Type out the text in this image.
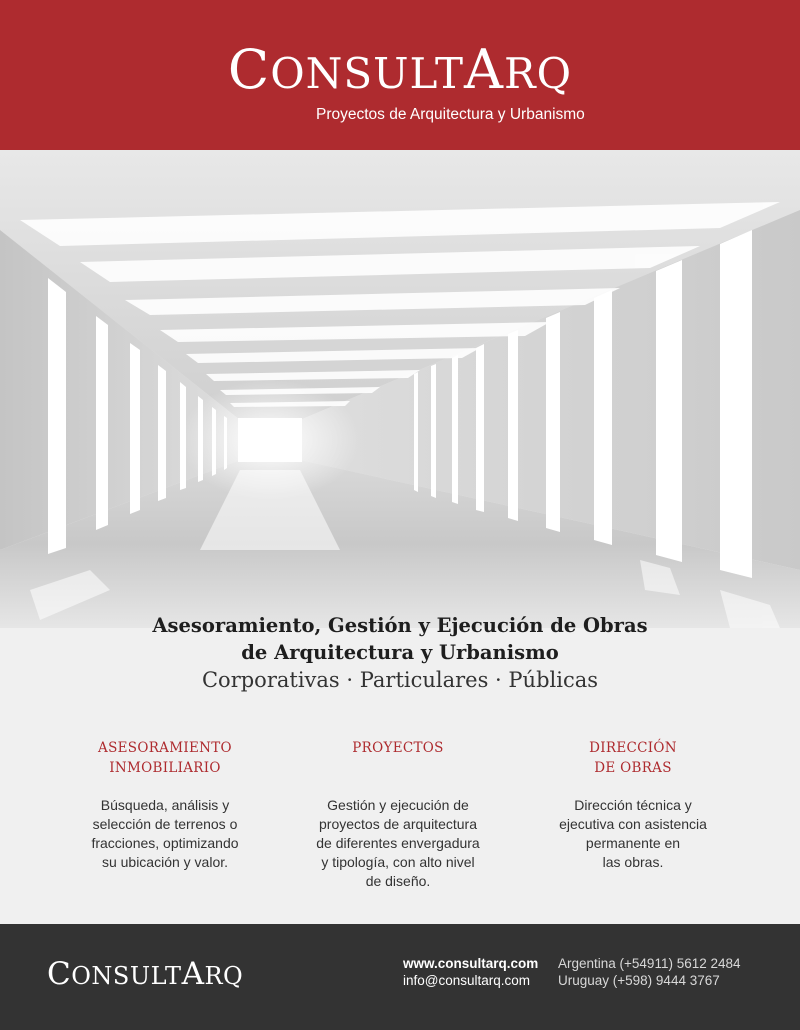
CONSULTARQ
Proyectos de Arquitectura y Urbanismo
Asesoramiento, Gestión y Ejecución de Obras
de Arquitectura y Urbanismo
Corporativas · Particulares · Públicas
ASESORAMIENTO
INMOBILIARIO
Búsqueda, análisis y
selección de terrenos o
fracciones, optimizando
su ubicación y valor.
PROYECTOS
Gestión y ejecución de
proyectos de arquitectura
de diferentes envergadura
y tipología, con alto nivel
de diseño.
DIRECCIÓN
DE OBRAS
Dirección técnica y
ejecutiva con asistencia
permanente en
las obras.
CONSULTARQ	www.consultarq.com
info@consultarq.com
Argentina (+54911) 5612 2484
Uruguay (+598) 9444 3767
